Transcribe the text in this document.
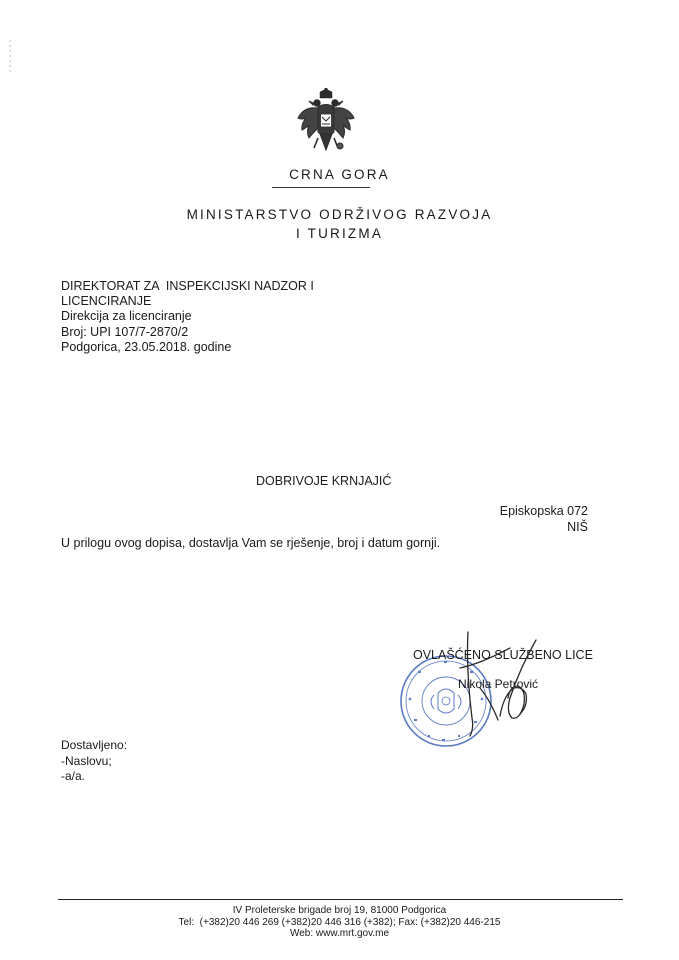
CRNA GORA
MINISTARSTVO ODRŽIVOG RAZVOJA
I TURIZMA
DIREKTORAT ZA  INSPEKCIJSKI NADZOR I
LICENCIRANJE
Direkcija za licenciranje
Broj: UPI 107/7-2870/2
Podgorica, 23.05.2018. godine
DOBRIVOJE KRNJAJIĆ
Episkopska 072
NIŠ
U prilogu ovog dopisa, dostavlja Vam se rješenje, broj i datum gornji.
OVLAŠĆENO SLUŽBENO LICE
Nikola Petrović
Dostavljeno:
-Naslovu;
-a/a.
IV Proleterske brigade broj 19, 81000 Podgorica
Tel:  (+382)20 446 269 (+382)20 446 316 (+382); Fax: (+382)20 446-215
Web: www.mrt.gov.me
